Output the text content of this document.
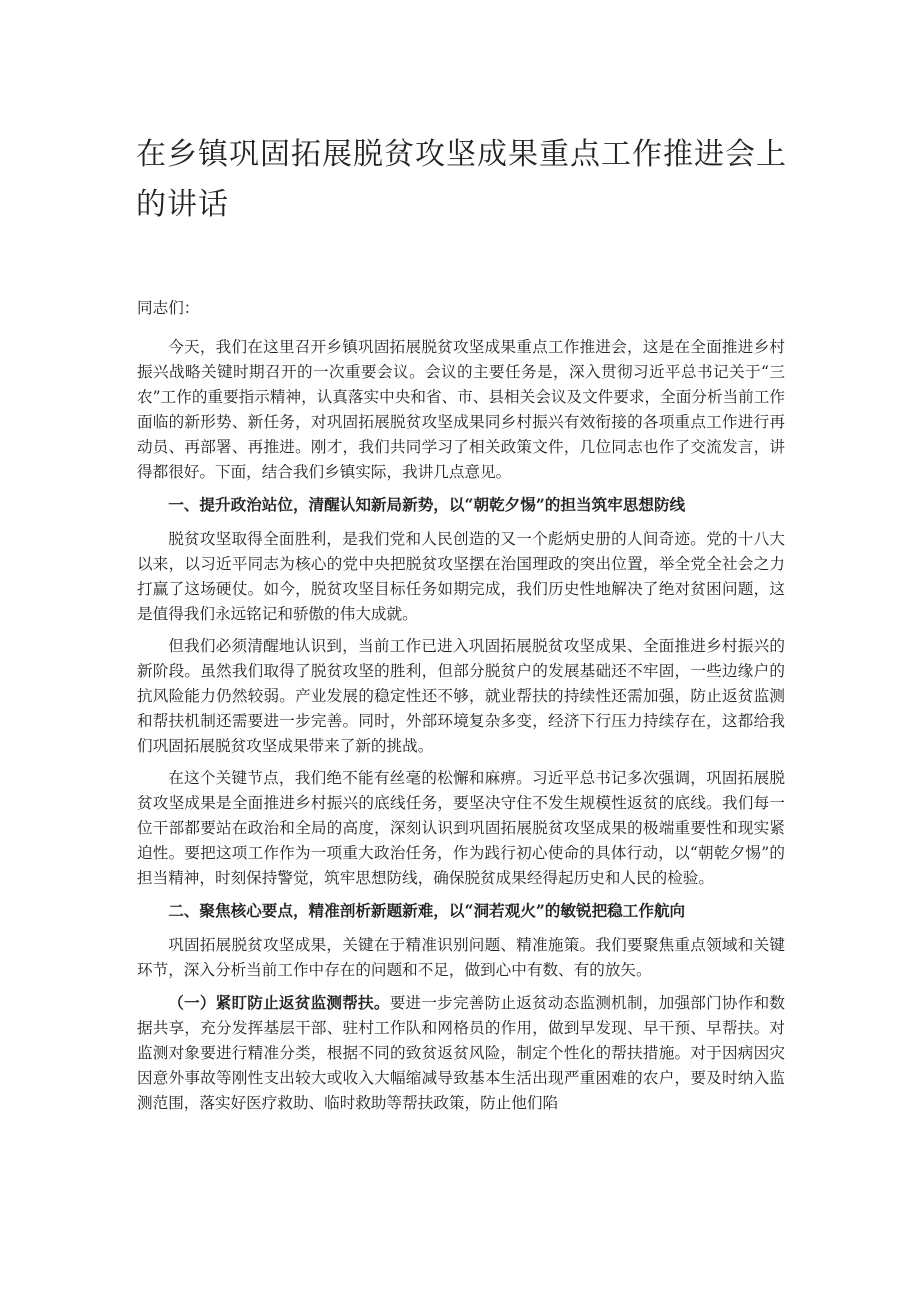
在乡镇巩固拓展脱贫攻坚成果重点工作推进会上的讲话

同志们：

今天，我们在这里召开乡镇巩固拓展脱贫攻坚成果重点工作推进会，这是在全面推进乡村振兴战略关键时期召开的一次重要会议。会议的主要任务是，深入贯彻习近平总书记关于“三农”工作的重要指示精神，认真落实中央和省、市、县相关会议及文件要求，全面分析当前工作面临的新形势、新任务，对巩固拓展脱贫攻坚成果同乡村振兴有效衔接的各项重点工作进行再动员、再部署、再推进。刚才，我们共同学习了相关政策文件，几位同志也作了交流发言，讲得都很好。下面，结合我们乡镇实际，我讲几点意见。

一、提升政治站位，清醒认知新局新势，以“朝乾夕惕”的担当筑牢思想防线

脱贫攻坚取得全面胜利，是我们党和人民创造的又一个彪炳史册的人间奇迹。党的十八大以来，以习近平同志为核心的党中央把脱贫攻坚摆在治国理政的突出位置，举全党全社会之力打赢了这场硬仗。如今，脱贫攻坚目标任务如期完成，我们历史性地解决了绝对贫困问题，这是值得我们永远铭记和骄傲的伟大成就。

但我们必须清醒地认识到，当前工作已进入巩固拓展脱贫攻坚成果、全面推进乡村振兴的新阶段。虽然我们取得了脱贫攻坚的胜利，但部分脱贫户的发展基础还不牢固，一些边缘户的抗风险能力仍然较弱。产业发展的稳定性还不够，就业帮扶的持续性还需加强，防止返贫监测和帮扶机制还需要进一步完善。同时，外部环境复杂多变，经济下行压力持续存在，这都给我们巩固拓展脱贫攻坚成果带来了新的挑战。

在这个关键节点，我们绝不能有丝毫的松懈和麻痹。习近平总书记多次强调，巩固拓展脱贫攻坚成果是全面推进乡村振兴的底线任务，要坚决守住不发生规模性返贫的底线。我们每一位干部都要站在政治和全局的高度，深刻认识到巩固拓展脱贫攻坚成果的极端重要性和现实紧迫性。要把这项工作作为一项重大政治任务，作为践行初心使命的具体行动，以“朝乾夕惕”的担当精神，时刻保持警觉，筑牢思想防线，确保脱贫成果经得起历史和人民的检验。

二、聚焦核心要点，精准剖析新题新难，以“洞若观火”的敏锐把稳工作航向

巩固拓展脱贫攻坚成果，关键在于精准识别问题、精准施策。我们要聚焦重点领域和关键环节，深入分析当前工作中存在的问题和不足，做到心中有数、有的放矢。

（一）紧盯防止返贫监测帮扶。要进一步完善防止返贫动态监测机制，加强部门协作和数据共享，充分发挥基层干部、驻村工作队和网格员的作用，做到早发现、早干预、早帮扶。对监测对象要进行精准分类，根据不同的致贫返贫风险，制定个性化的帮扶措施。对于因病因灾因意外事故等刚性支出较大或收入大幅缩减导致基本生活出现严重困难的农户，要及时纳入监测范围，落实好医疗救助、临时救助等帮扶政策，防止他们陷
